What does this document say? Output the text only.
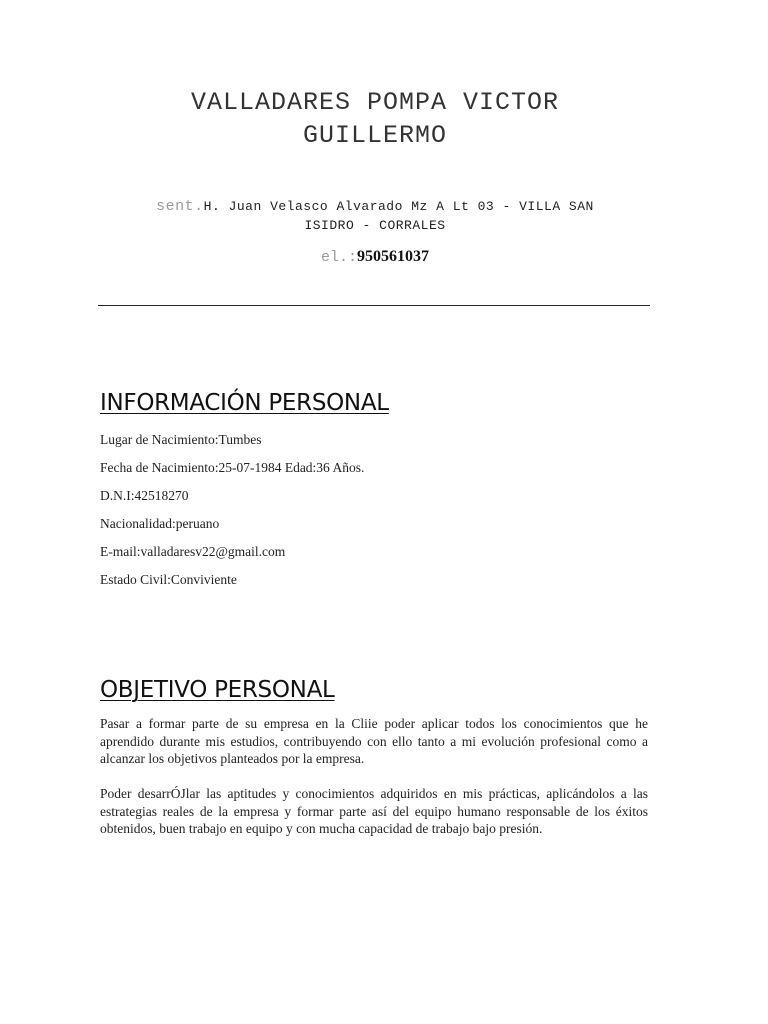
VALLADARES POMPA VICTOR
GUILLERMO
sent.H. Juan Velasco Alvarado Mz A Lt 03 - VILLA SAN
ISIDRO - CORRALES
el.:950561037
INFORMACIÓN PERSONAL
Lugar de Nacimiento:Tumbes
Fecha de Nacimiento:25-07-1984 Edad:36 Años.
D.N.I:42518270
Nacionalidad:peruano
E-mail:valladaresv22@gmail.com
Estado Civil:Conviviente
OBJETIVO PERSONAL

Pasar a formar parte de su empresa en la Cliie poder aplicar todos los conocimientos que he aprendido durante mis estudios, contribuyendo con ello tanto a mi evolución profesional como a alcanzar los objetivos planteados por la empresa.

Poder desarrÓJlar las aptitudes y conocimientos adquiridos en mis prácticas, aplicándolos a las estrategias reales de la empresa y formar parte así del equipo humano responsable de los éxitos obtenidos, buen trabajo en equipo y con mucha capacidad de trabajo bajo presión.
